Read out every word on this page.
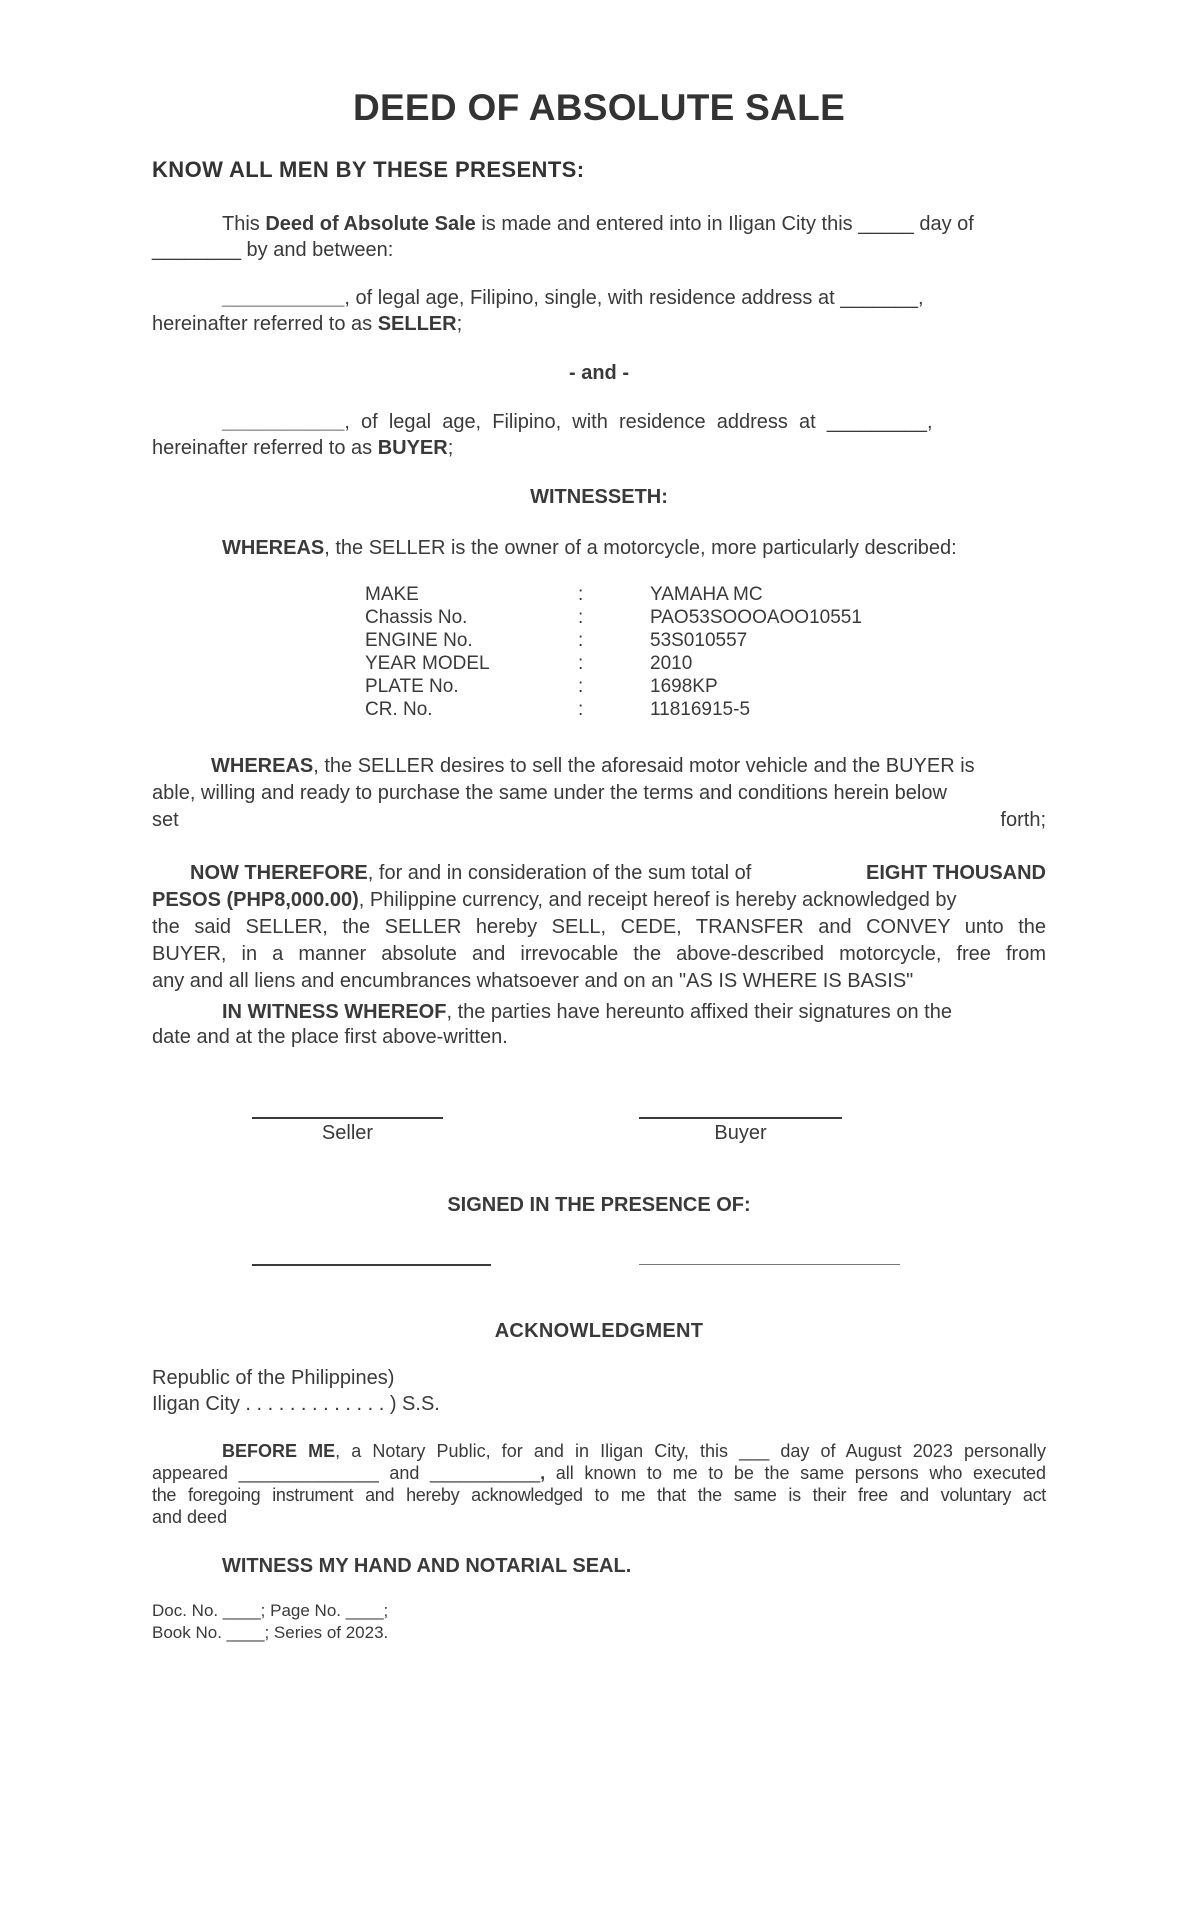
DEED OF ABSOLUTE SALE
KNOW ALL MEN BY THESE PRESENTS:
This Deed of Absolute Sale is made and entered into in Iligan City this _____ day of
________ by and between:
___________, of legal age, Filipino, single, with residence address at _______,
hereinafter referred to as SELLER;
- and -
___________,  of  legal  age,  Filipino,  with  residence  address  at  _________,
hereinafter referred to as BUYER;
WITNESSETH:
WHEREAS, the SELLER is the owner of a motorcycle, more particularly described:
MAKE	:	YAMAHA MC
Chassis No.	:	PAO53SOOOAOO10551
ENGINE No.	:	53S010557
YEAR MODEL	:	2010
PLATE No.	:	1698KP
CR. No.	:	11816915-5
WHEREAS, the SELLER desires to sell the aforesaid motor vehicle and the BUYER is
able, willing and ready to purchase the same under the terms and conditions herein below
set	forth;
NOW THEREFORE, for and in consideration of the sum total of	EIGHT THOUSAND
PESOS (PHP8,000.00), Philippine currency, and receipt hereof is hereby acknowledged by
the said SELLER, the SELLER hereby SELL, CEDE, TRANSFER and CONVEY unto the
BUYER, in a manner absolute and irrevocable the above-described motorcycle, free from
any and all liens and encumbrances whatsoever and on an "AS IS WHERE IS BASIS"
IN WITNESS WHEREOF, the parties have hereunto affixed their signatures on the
date and at the place first above-written.
Seller	Buyer
SIGNED IN THE PRESENCE OF:
ACKNOWLEDGMENT
Republic of the Philippines)
Iligan City . . . . . . . . . . . . . ) S.S.
BEFORE ME, a Notary Public, for and in Iligan City, this ___ day of August 2023 personally
appeared ______________ and ___________, all known to me to be the same persons who executed
the foregoing instrument and hereby acknowledged to me that the same is their free and voluntary act
and deed
WITNESS MY HAND AND NOTARIAL SEAL.
Doc. No. ____; Page No. ____;
Book No. ____; Series of 2023.
